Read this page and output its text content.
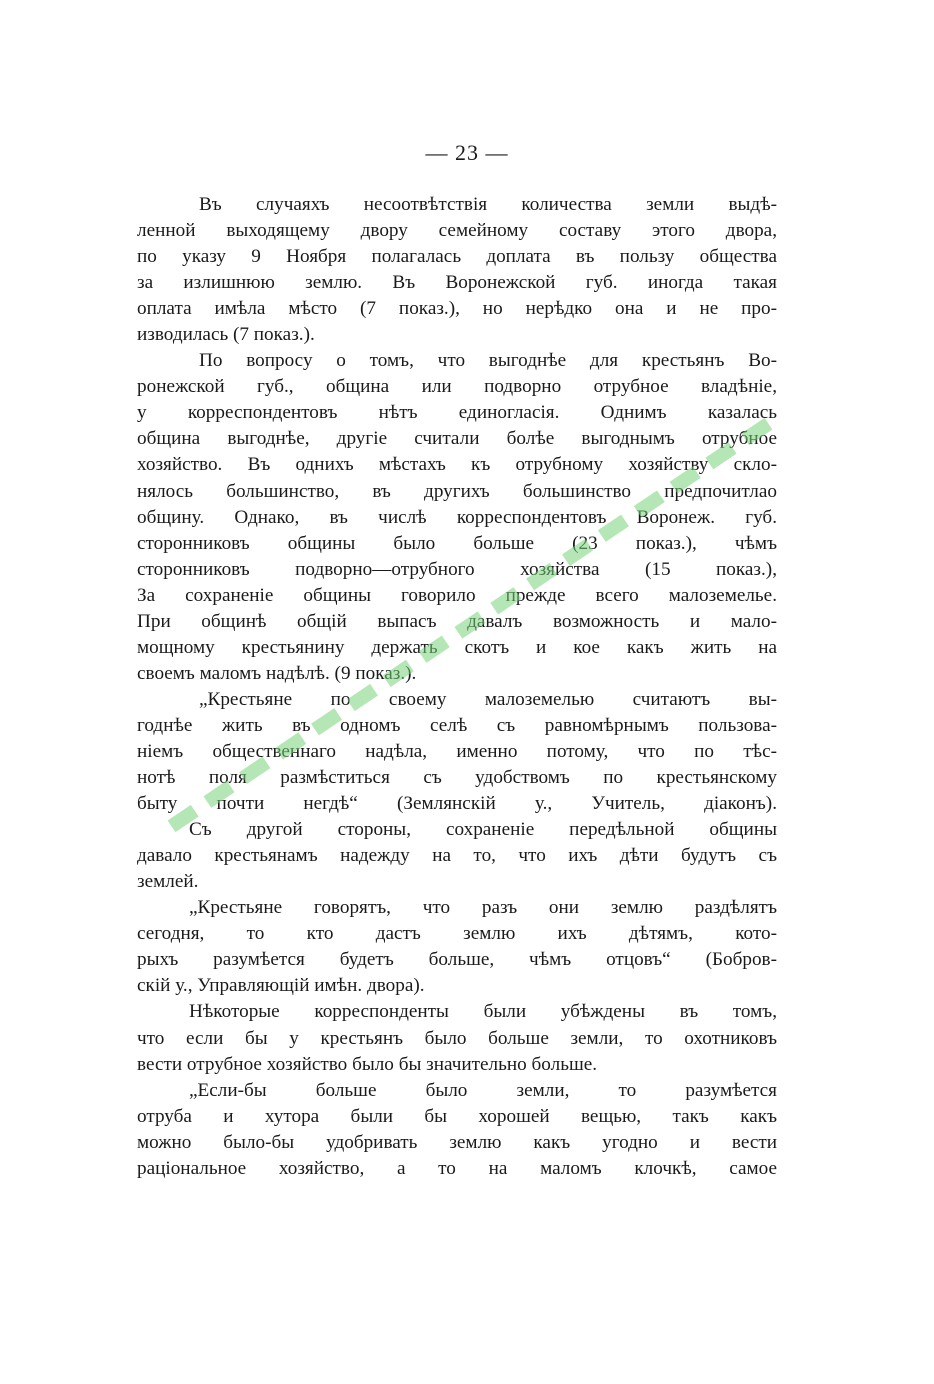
— 23 —
Въ случаяхъ несоотвѣтствія количества земли выдѣ-
ленной выходящему двору семейному составу этого двора,
по указу 9 Ноября полагалась доплата въ пользу общества
за излишнюю землю. Въ Воронежской губ. иногда такая
оплата имѣла мѣсто (7 показ.), но нерѣдко она и не про-
изводилась (7 показ.).
По вопросу о томъ, что выгоднѣе для крестьянъ Во-
ронежской губ., община или подворно отрубное владѣніе,
у корреспондентовъ нѣтъ единогласія. Однимъ казалась
община выгоднѣе, другіе считали болѣе выгоднымъ отрубное
хозяйство. Въ однихъ мѣстахъ къ отрубному хозяйству скло-
нялось большинство, въ другихъ большинство предпочитлао
общину. Однако, въ числѣ корреспондентовъ Воронеж. губ.
сторонниковъ общины было больше (23 показ.), чѣмъ
сторонниковъ подворно—отрубного хозяйства (15 показ.),
За сохраненіе общины говорило прежде всего малоземелье.
При общинѣ общій выпасъ давалъ возможность и мало-
мощному крестьянину держать скотъ и кое какъ жить на
своемъ маломъ надѣлѣ. (9 показ.).
„Крестьяне по своему малоземелью считаютъ вы-
годнѣе жить въ одномъ селѣ съ равномѣрнымъ пользова-
ніемъ общественнаго надѣла, именно потому, что по тѣс-
нотѣ поля размѣститься съ удобствомъ по крестьянскому
быту почти негдѣ“ (Землянскій у., Учитель, діаконъ).
Съ другой стороны, сохраненіе передѣльной общины
давало крестьянамъ надежду на то, что ихъ дѣти будутъ съ
землей.
„Крестьяне говорятъ, что разъ они землю раздѣлятъ
сегодня, то кто дастъ землю ихъ дѣтямъ, кото-
рыхъ разумѣется будетъ больше, чѣмъ отцовъ“ (Бобров-
скій у., Управляющій имѣн. двора).
Нѣкоторые корреспонденты были убѣждены въ томъ,
что если бы у крестьянъ было больше земли, то охотниковъ
вести отрубное хозяйство было бы значительно больше.
„Если-бы больше было земли, то разумѣется
отруба и хутора были бы хорошей вещью, такъ какъ
можно было-бы удобривать землю какъ угодно и вести
раціональное хозяйство, а то на маломъ клочкѣ, самое
